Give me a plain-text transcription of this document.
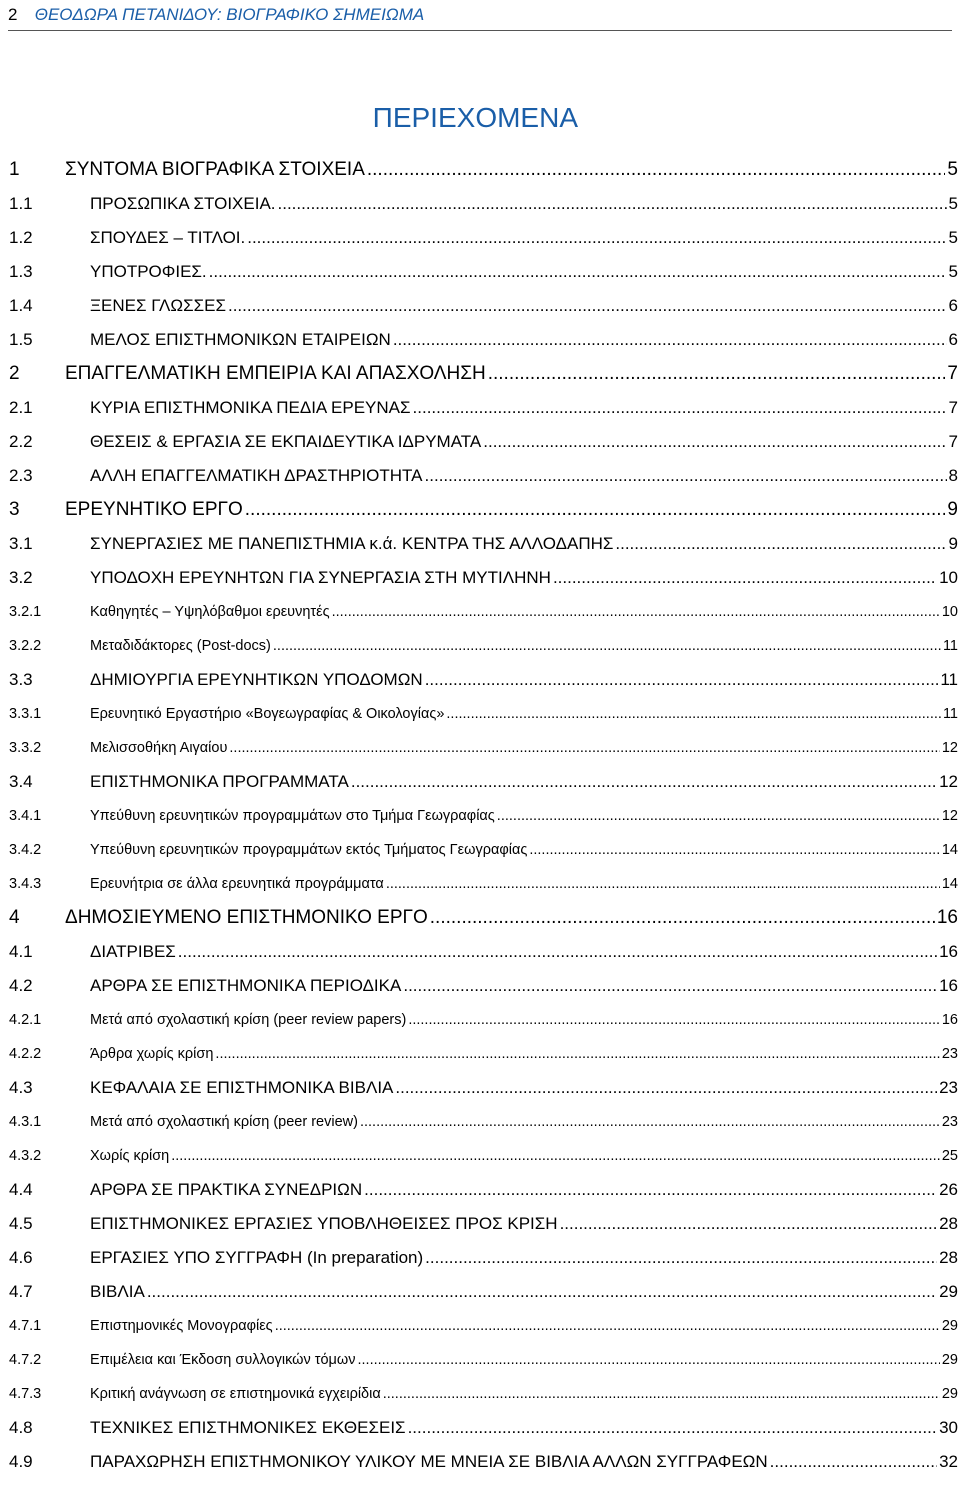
2 ΘΕΟΔΩΡΑ ΠΕΤΑΝΙΔΟΥ: ΒΙΟΓΡΑΦΙΚΟ ΣΗΜΕΙΩΜΑ
ΠΕΡΙΕΧΟΜΕΝΑ
1	ΣΥΝΤΟΜΑ ΒΙΟΓΡΑΦΙΚΑ ΣΤΟΙΧΕΙΑ .....	5
1.1	ΠΡΟΣΩΠΙΚΑ ΣΤΟΙΧΕΙΑ. .....	5
1.2	ΣΠΟΥΔΕΣ – ΤΙΤΛΟΙ. .....	5
1.3	ΥΠΟΤΡΟΦΙΕΣ. .....	5
1.4	ΞΕΝΕΣ ΓΛΩΣΣΕΣ .....	6
1.5	ΜΕΛΟΣ ΕΠΙΣΤΗΜΟΝΙΚΩΝ ΕΤΑΙΡΕΙΩΝ .....	6
2	ΕΠΑΓΓΕΛΜΑΤΙΚΗ ΕΜΠΕΙΡΙΑ ΚΑΙ ΑΠΑΣΧΟΛΗΣΗ .....	7
2.1	ΚΥΡΙΑ ΕΠΙΣΤΗΜΟΝΙΚΑ ΠΕΔΙΑ ΕΡΕΥΝΑΣ .....	7
2.2	ΘΕΣΕΙΣ & ΕΡΓΑΣΙΑ ΣΕ ΕΚΠΑΙΔΕΥΤΙΚΑ ΙΔΡΥΜΑΤΑ .....	7
2.3	ΑΛΛΗ ΕΠΑΓΓΕΛΜΑΤΙΚΗ ΔΡΑΣΤΗΡΙΟΤΗΤΑ .....	8
3	ΕΡΕΥΝΗΤΙΚΟ ΕΡΓΟ .....	9
3.1	ΣΥΝΕΡΓΑΣΙΕΣ ΜΕ ΠΑΝΕΠΙΣΤΗΜΙΑ κ.ά. ΚΕΝΤΡΑ ΤΗΣ ΑΛΛΟΔΑΠΗΣ .....	9
3.2	ΥΠΟΔΟΧΗ ΕΡΕΥΝΗΤΩΝ ΓΙΑ ΣΥΝΕΡΓΑΣΙΑ ΣΤΗ ΜΥΤΙΛΗΝΗ .....	10
3.2.1	Καθηγητές – Υψηλόβαθμοι ερευνητές .....	10
3.2.2	Μεταδιδάκτορες (Post-docs) .....	11
3.3	ΔΗΜΙΟΥΡΓΙΑ ΕΡΕΥΝΗΤΙΚΩΝ ΥΠΟΔΟΜΩΝ .....	11
3.3.1	Ερευνητικό Εργαστήριο «Βογεωγραφίας & Οικολογίας» .....	11
3.3.2	Μελισσοθήκη Αιγαίου .....	12
3.4	ΕΠΙΣΤΗΜΟΝΙΚΑ ΠΡΟΓΡΑΜΜΑΤΑ .....	12
3.4.1	Υπεύθυνη ερευνητικών προγραμμάτων στο Τμήμα Γεωγραφίας .....	12
3.4.2	Υπεύθυνη ερευνητικών προγραμμάτων εκτός Τμήματος Γεωγραφίας .....	14
3.4.3	Ερευνήτρια σε άλλα ερευνητικά προγράμματα .....	14
4	ΔΗΜΟΣΙΕΥΜΕΝΟ ΕΠΙΣΤΗΜΟΝΙΚΟ ΕΡΓΟ .....	16
4.1	ΔΙΑΤΡΙΒΕΣ .....	16
4.2	ΑΡΘΡΑ ΣΕ ΕΠΙΣΤΗΜΟΝΙΚΑ ΠΕΡΙΟΔΙΚΑ .....	16
4.2.1	Μετά από σχολαστική κρίση (peer review papers) .....	16
4.2.2	Άρθρα χωρίς κρίση .....	23
4.3	ΚΕΦΑΛΑΙΑ ΣΕ ΕΠΙΣΤΗΜΟΝΙΚΑ ΒΙΒΛΙΑ .....	23
4.3.1	Μετά από σχολαστική κρίση (peer review) .....	23
4.3.2	Χωρίς κρίση .....	25
4.4	ΑΡΘΡΑ ΣΕ ΠΡΑΚΤΙΚΑ ΣΥΝΕΔΡΙΩΝ .....	26
4.5	ΕΠΙΣΤΗΜΟΝΙΚΕΣ ΕΡΓΑΣΙΕΣ ΥΠΟΒΛΗΘΕΙΣΕΣ ΠΡΟΣ ΚΡΙΣΗ .....	28
4.6	ΕΡΓΑΣΙΕΣ ΥΠΟ ΣΥΓΓΡΑΦΗ (In preparation) .....	28
4.7	ΒΙΒΛΙΑ .....	29
4.7.1	Επιστημονικές Μονογραφίες .....	29
4.7.2	Επιμέλεια και Έκδοση συλλογικών τόμων .....	29
4.7.3	Κριτική ανάγνωση σε επιστημονικά εγχειρίδια .....	29
4.8	ΤΕΧΝΙΚΕΣ ΕΠΙΣΤΗΜΟΝΙΚΕΣ ΕΚΘΕΣΕΙΣ .....	30
4.9	ΠΑΡΑΧΩΡΗΣΗ ΕΠΙΣΤΗΜΟΝΙΚΟΥ ΥΛΙΚΟΥ ΜΕ ΜΝΕΙΑ ΣΕ ΒΙΒΛΙΑ ΑΛΛΩΝ ΣΥΓΓΡΑΦΕΩΝ .....	32
